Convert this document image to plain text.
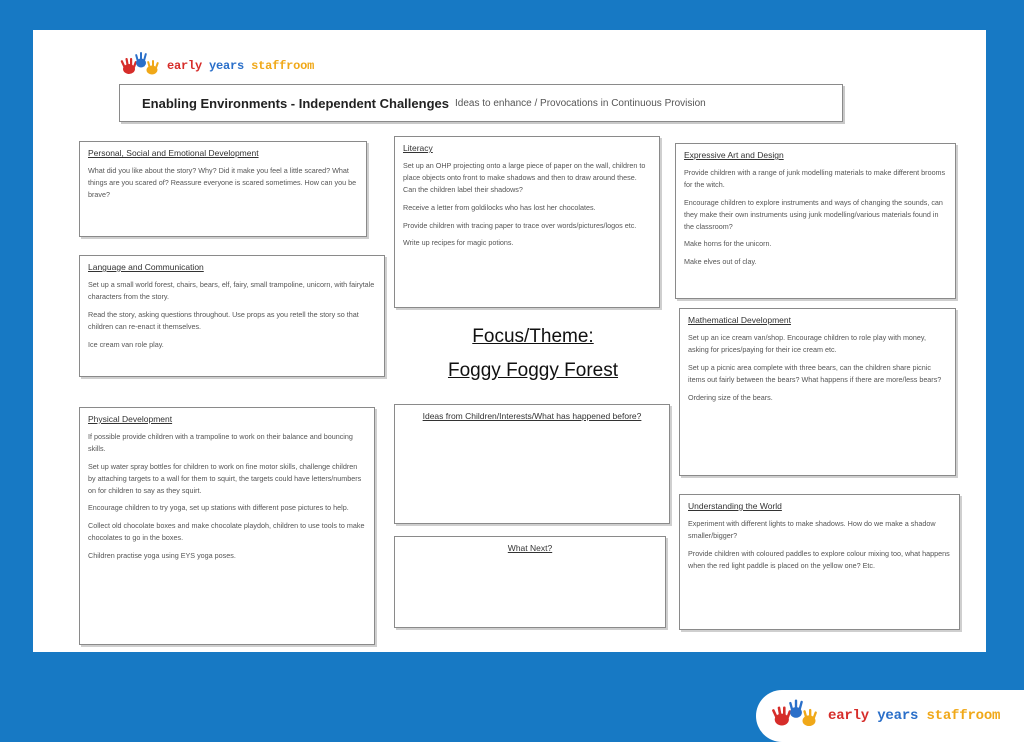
early years staffroom
Enabling Environments - Independent Challenges Ideas to enhance / Provocations in Continuous Provision
Personal, Social and Emotional Development

What did you like about the story? Why? Did it make you feel a little scared? What things are you scared of? Reassure everyone is scared sometimes. How can you be brave?

Language and Communication

Set up a small world forest, chairs, bears, elf, fairy, small trampoline, unicorn, with fairytale characters from the story.

Read the story, asking questions throughout. Use props as you retell the story so that children can re-enact it themselves.

Ice cream van role play.

Physical Development

If possible provide children with a trampoline to work on their balance and bouncing skills.

Set up water spray bottles for children to work on fine motor skills, challenge children by attaching targets to a wall for them to squirt, the targets could have letters/numbers on for children to say as they squirt.

Encourage children to try yoga, set up stations with different pose pictures to help.

Collect old chocolate boxes and make chocolate playdoh, children to use tools to make chocolates to go in the boxes.

Children practise yoga using EYS yoga poses.

Literacy

Set up an OHP projecting onto a large piece of paper on the wall, children to place objects onto front to make shadows and then to draw around these. Can the children label their shadows?

Receive a letter from goldilocks who has lost her chocolates.

Provide children with tracing paper to trace over words/pictures/logos etc.

Write up recipes for magic potions.

Focus/Theme:
Foggy Foggy Forest
Ideas from Children/Interests/What has happened before?
What Next?
Expressive Art and Design

Provide children with a range of junk modelling materials to make different brooms for the witch.

Encourage children to explore instruments and ways of changing the sounds, can they make their own instruments using junk modelling/various materials found in the classroom?

Make horns for the unicorn.

Make elves out of clay.

Mathematical Development

Set up an ice cream van/shop. Encourage children to role play with money, asking for prices/paying for their ice cream etc.

Set up a picnic area complete with three bears, can the children share picnic items out fairly between the bears? What happens if there are more/less bears?

Ordering size of the bears.

Understanding the World

Experiment with different lights to make shadows. How do we make a shadow smaller/bigger?

Provide children with coloured paddles to explore colour mixing too, what happens when the red light paddle is placed on the yellow one? Etc.

early years staffroom
